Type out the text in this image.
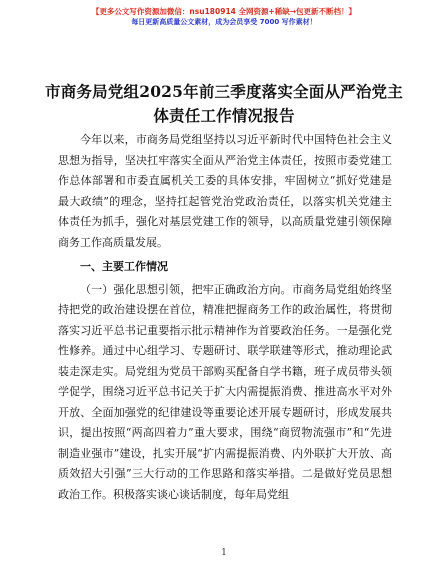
【更多公文写作资源加微信：nsu180914 全网资源+稀缺→包更新不断档！】
每日更新高质量公文素材，成为会员享受 7000 写作素材！
市商务局党组2025年前三季度落实全面从严治党主体责任工作情况报告

今年以来，市商务局党组坚持以习近平新时代中国特色社会主义思想为指导，坚决扛牢落实全面从严治党主体责任，按照市委党建工作总体部署和市委直属机关工委的具体安排，牢固树立“抓好党建是最大政绩”的理念，坚持扛起管党治党政治责任，以落实机关党建主体责任为抓手，强化对基层党建工作的领导，以高质量党建引领保障商务工作高质量发展。

一、主要工作情况

（一）强化思想引领，把牢正确政治方向。市商务局党组始终坚持把党的政治建设摆在首位，精准把握商务工作的政治属性，将贯彻落实习近平总书记重要指示批示精神作为首要政治任务。一是强化党性修养。通过中心组学习、专题研讨、联学联建等形式，推动理论武装走深走实。局党组为党员干部购买配备自学书籍，班子成员带头领学促学，围绕习近平总书记关于扩大内需提振消费、推进高水平对外开放、全面加强党的纪律建设等重要论述开展专题研讨，形成发展共识，提出按照“两高四着力”重大要求，围绕“商贸物流强市”和“先进制造业强市”建设，扎实开展“扩内需提振消费、内外联扩大开放、高质效招大引强”三大行动的工作思路和落实举措。二是做好党员思想政治工作。积极落实谈心谈话制度，每年局党组

1
